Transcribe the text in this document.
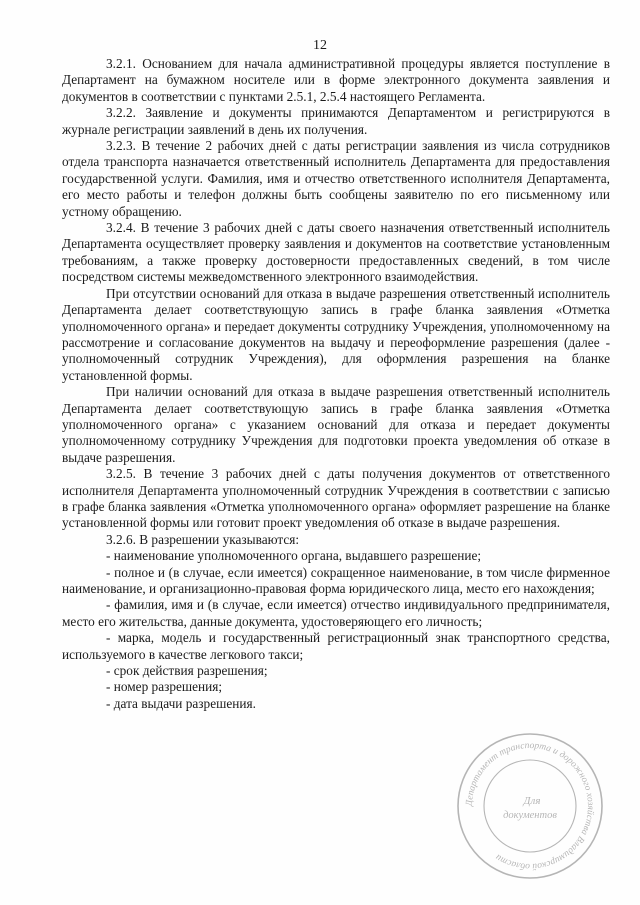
12

3.2.1. Основанием для начала административной процедуры является поступление в Департамент на бумажном носителе или в форме электронного документа заявления и документов в соответствии с пунктами 2.5.1, 2.5.4 настоящего Регламента.

3.2.2. Заявление и документы принимаются Департаментом и регистрируются в журнале регистрации заявлений в день их получения.

3.2.3. В течение 2 рабочих дней с даты регистрации заявления из числа сотрудников отдела транспорта назначается ответственный исполнитель Департамента для предоставления государственной услуги. Фамилия, имя и отчество ответственного исполнителя Департамента, его место работы и телефон должны быть сообщены заявителю по его письменному или устному обращению.

3.2.4. В течение 3 рабочих дней с даты своего назначения ответственный исполнитель Департамента осуществляет проверку заявления и документов на соответствие установленным требованиям, а также проверку достоверности предоставленных сведений, в том числе посредством системы межведомственного электронного взаимодействия.

При отсутствии оснований для отказа в выдаче разрешения ответственный исполнитель Департамента делает соответствующую запись в графе бланка заявления «Отметка уполномоченного органа» и передает документы сотруднику Учреждения, уполномоченному на рассмотрение и согласование документов на выдачу и переоформление разрешения (далее - уполномоченный сотрудник Учреждения), для оформления разрешения на бланке установленной формы.

При наличии оснований для отказа в выдаче разрешения ответственный исполнитель Департамента делает соответствующую запись в графе бланка заявления «Отметка уполномоченного органа» с указанием оснований для отказа и передает документы уполномоченному сотруднику Учреждения для подготовки проекта уведомления об отказе в выдаче разрешения.

3.2.5. В течение 3 рабочих дней с даты получения документов от ответственного исполнителя Департамента уполномоченный сотрудник Учреждения в соответствии с записью в графе бланка заявления «Отметка уполномоченного органа» оформляет разрешение на бланке установленной формы или готовит проект уведомления об отказе в выдаче разрешения.

3.2.6. В разрешении указываются:

- наименование уполномоченного органа, выдавшего разрешение;

- полное и (в случае, если имеется) сокращенное наименование, в том числе фирменное наименование, и организационно-правовая форма юридического лица, место его нахождения;

- фамилия, имя и (в случае, если имеется) отчество индивидуального предпринимателя, место его жительства, данные документа, удостоверяющего его личность;

- марка, модель и государственный регистрационный знак транспортного средства, используемого в качестве легкового такси;

- срок действия разрешения;

- номер разрешения;

- дата выдачи разрешения.

Департамент транспорта и дорожного хозяйства Владимирской области
Для
документов
